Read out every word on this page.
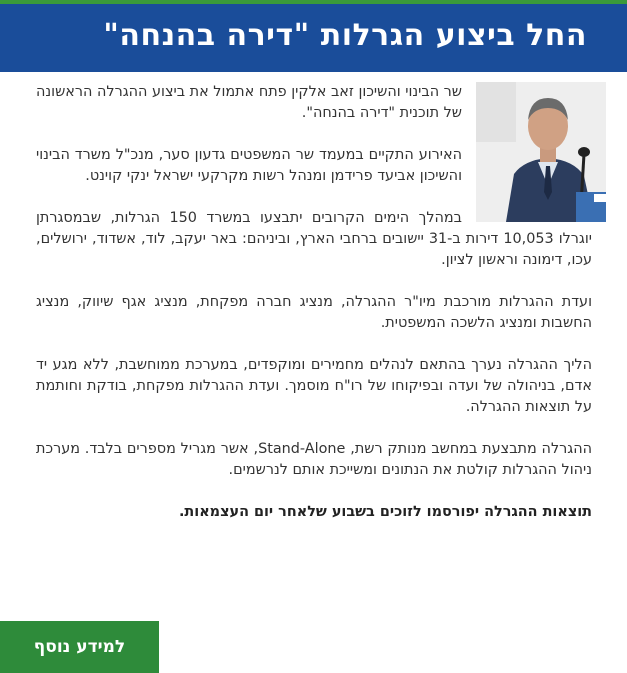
החל ביצוע הגרלות "דירה בהנחה"

שר הבינוי והשיכון זאב אלקין פתח אתמול את ביצוע ההגרלה הראשונה של תוכנית "דירה בהנחה".

האירוע התקיים במעמד שר המשפטים גדעון סער, מנכ"ל משרד הבינוי והשיכון אביעד פרידמן ומנהל רשות מקרקעי ישראל ינקי קוינט.

במהלך הימים הקרובים יתבצעו במשרד 150 הגרלות, שבמסגרתן יוגרלו 10,053 דירות ב-31 יישובים ברחבי הארץ, וביניהם: באר יעקב, לוד, אשדוד, ירושלים, עכו, דימונה וראשון לציון.

ועדת ההגרלות מורכבת מיו"ר ההגרלה, מנציג חברה מפקחת, מנציג אגף שיווק, מנציג החשבות ומנציג הלשכה המשפטית.

הליך ההגרלה נערך בהתאם לנהלים מחמירים ומוקפדים, במערכת ממוחשבת, ללא מגע יד אדם, בניהולה של ועדה ובפיקוחו של רו"ח מוסמך. ועדת ההגרלות מפקחת, בודקת וחותמת על תוצאות ההגרלה.

ההגרלה מתבצעת במחשב מנותק רשת, Stand-Alone, אשר מגריל מספרים בלבד. מערכת ניהול ההגרלות קולטת את הנתונים ומשייכת אותם לנרשמים.

תוצאות ההגרלה יפורסמו לזוכים בשבוע שלאחר יום העצמאות.

למידע נוסף
